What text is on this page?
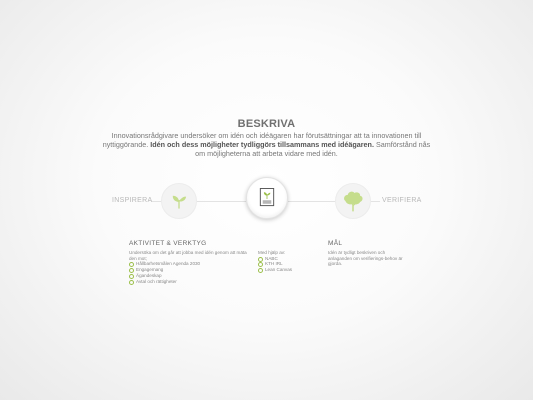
BESKRIVA
Innovationsrådgivare undersöker om idén och idéägaren har förutsättningar att ta innovationen till nyttiggörande. Idén och dess möjligheter tydliggörs tillsammans med idéägaren. Samförstånd nås om möjligheterna att arbeta vidare med idén.
INSPIRERA	VERIFIERA
AKTIVITET & VERKTYG
Undersöka om det går att jobba med idén genom att mäta den mot;
Hållbarhetsmålen Agenda 2030
Engagemang
Ägandeskap
Avtal och rättigheter
Med hjälp av:
NABC
KTH IRL
Lean Canvas
MÅL
Idén är tydligt beskriven och anlaganden om verifierings-behov är gjorda.
